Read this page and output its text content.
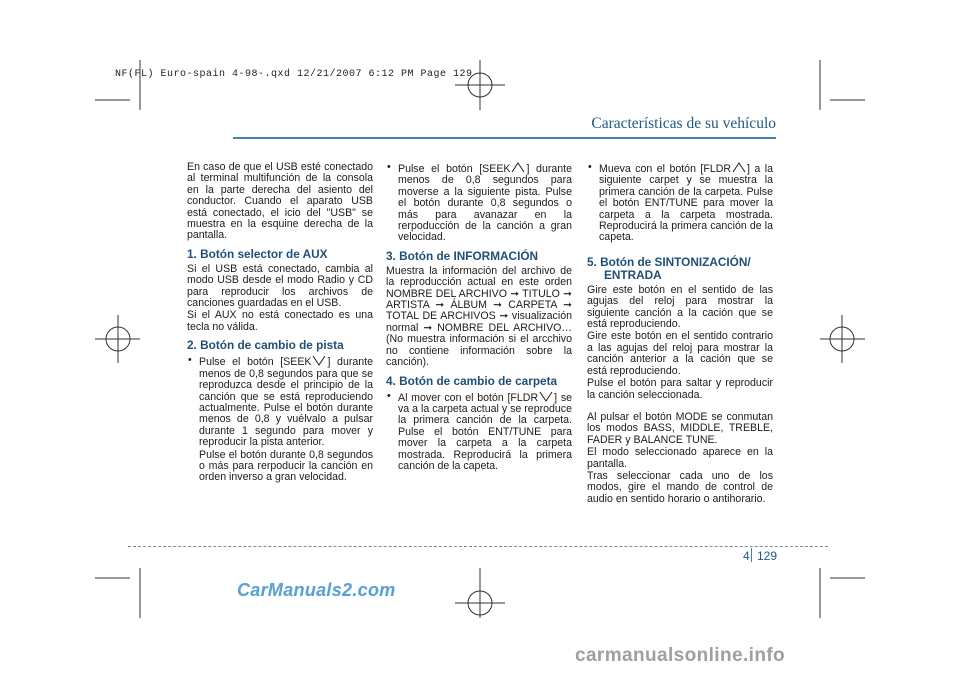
NF(FL) Euro-spain 4-98-.qxd 12/21/2007 6:12 PM Page 129
Características de su vehículo

En caso de que el USB esté conectado al terminal multifunción de la consola en la parte derecha del asiento del conductor. Cuando el aparato USB está conectado, el icio del "USB" se muestra en la esquine derecha de la pantalla.

1. Botón selector de AUX

Si el USB está conectado, cambia al modo USB desde el modo Radio y CD para reproducir los archivos de canciones guardadas en el USB.

Si el AUX no está conectado es una tecla no válida.

2. Botón de cambio de pista
• Pulse el botón [SEEK ] durante menos de 0,8 segundos para que se reproduzca desde el principio de la canción que se está reproduciendo actualmente. Pulse el botón durante menos de 0,8 y vuélvalo a pulsar durante 1 segundo para mover y reproducir la pista anterior.

Pulse el botón durante 0,8 segundos o más para rerpoducir la canción en orden inverso a gran velocidad.

• Pulse el botón [SEEK ] durante menos de 0,8 segundos para moverse a la siguiente pista. Pulse el botón durante 0,8 segundos o más para avanazar en la rerpoducción de la canción a gran velocidad.
3. Botón de INFORMACIÓN

Muestra la información del archivo de la reproducción actual en este orden NOMBRE DEL ARCHIVO ➞ TITULO ➞ ARTISTA ➞ ÁLBUM ➞ CARPETA ➞ TOTAL DE ARCHIVOS ➞ visualización normal ➞ NOMBRE DEL ARCHIVO… (No muestra información si el arcchivo no contiene información sobre la canción).

4. Botón de cambio de carpeta
• Al mover con el botón [FLDR ] se va a la carpeta actual y se reproduce la primera canción de la carpeta. Pulse el botón ENT/TUNE para mover la carpeta a la carpeta mostrada. Reproducirá la primera canción de la capeta.
• Mueva con el botón [FLDR ] a la siguiente carpet y se muestra la primera canción de la carpeta. Pulse el botón ENT/TUNE para mover la carpeta a la carpeta mostrada. Reproducirá la primera canción de la capeta.
5. Botón de SINTONIZACIÓN/
ENTRADA

Gire este botón en el sentido de las agujas del reloj para mostrar la siguiente canción a la cación que se está reproduciendo.

Gire este botón en el sentido contrario a las agujas del reloj para mostrar la canción anterior a la cación que se está reproduciendo.

Pulse el botón para saltar y reproducir la canción seleccionada.

Al pulsar el botón MODE se conmutan los modos BASS, MIDDLE, TREBLE, FADER y BALANCE TUNE.

El modo seleccionado aparece en la pantalla.

Tras seleccionar cada uno de los modos, gire el mando de control de audio en sentido horario o antihorario.

4 129
CarManuals2.com
carmanualsonline.info
